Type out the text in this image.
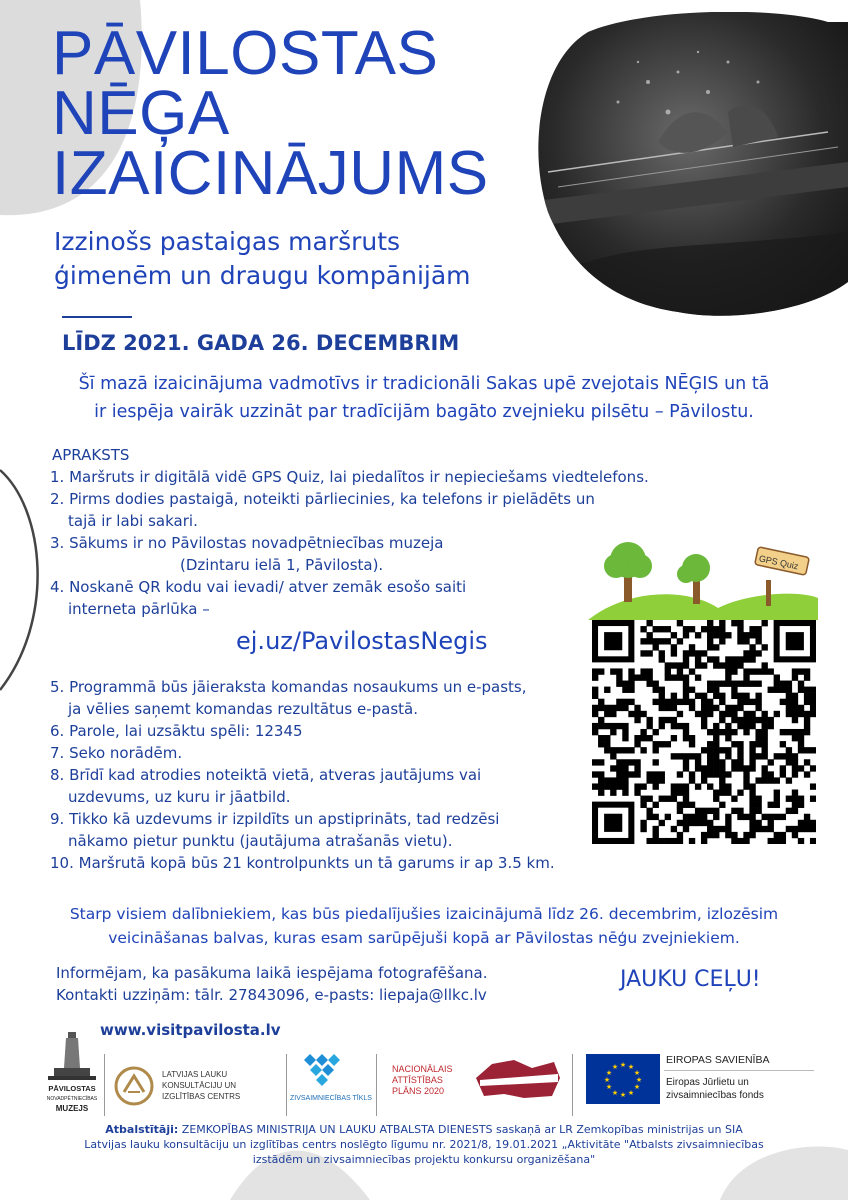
PĀVILOSTAS
NĒĢA
IZAICINĀJUMS
Izzinošs pastaigas maršruts
ģimenēm un draugu kompānijām
LĪDZ 2021. GADA 26. DECEMBRIM
Šī mazā izaicinājuma vadmotīvs ir tradicionāli Sakas upē zvejotais NĒĢIS un tā
ir iespēja vairāk uzzināt par tradīcijām bagāto zvejnieku pilsētu – Pāvilostu.
APRAKSTS
1. Maršruts ir digitālā vidē GPS Quiz, lai piedalītos ir nepieciešams viedtelefons.
2. Pirms dodies pastaigā, noteikti pārliecinies, ka telefons ir pielādēts un
tajā ir labi sakari.
3. Sākums ir no Pāvilostas novadpētniecības muzeja
(Dzintaru ielā 1, Pāvilosta).
4. Noskanē QR kodu vai ievadi/ atver zemāk esošo saiti
interneta pārlūka –
ej.uz/PavilostasNegis
5. Programmā būs jāieraksta komandas nosaukums un e-pasts,
ja vēlies saņemt komandas rezultātus e-pastā.
6. Parole, lai uzsāktu spēli: 12345
7. Seko norādēm.
8. Brīdī kad atrodies noteiktā vietā, atveras jautājums vai
uzdevums, uz kuru ir jāatbild.
9. Tikko kā uzdevums ir izpildīts un apstiprināts, tad redzēsi
nākamo pietur punktu (jautājuma atrašanās vietu).
10. Maršrutā kopā būs 21 kontrolpunkts un tā garums ir ap 3.5 km.
GPS Quiz
Starp visiem dalībniekiem, kas būs piedalījušies izaicinājumā līdz 26. decembrim, izlozēsim
veicināšanas balvas, kuras esam sarūpējuši kopā ar Pāvilostas nēģu zvejniekiem.
Informējam, ka pasākuma laikā iespējama fotografēšana.
Kontakti uzziņām: tālr. 27843096, e-pasts: liepaja@llkc.lv
JAUKU CEĻU!
www.visitpavilosta.lv
PĀVILOSTAS
NOVADPĒTNIECĪBAS
MUZEJS
LATVIJAS LAUKU
KONSULTĀCIJU UN
IZGLĪTĪBAS CENTRS	ZIVSAIMNIECĪBAS TĪKLS
NACIONĀLAIS
ATTĪSTĪBAS
PLĀNS 2020
★ ★
★
★
★
★
★
★
★
★
★
★
EIROPAS SAVIENĪBA
Eiropas Jūrlietu un
zivsaimniecības fonds
Atbalstītāji: ZEMKOPĪBAS MINISTRIJA UN LAUKU ATBALSTA DIENESTS saskaņā ar LR Zemkopības ministrijas un SIA
Latvijas lauku konsultāciju un izglītības centrs noslēgto līgumu nr. 2021/8, 19.01.2021 „Aktivitāte "Atbalsts zivsaimniecības
izstādēm un zivsaimniecības projektu konkursu organizēšana"
